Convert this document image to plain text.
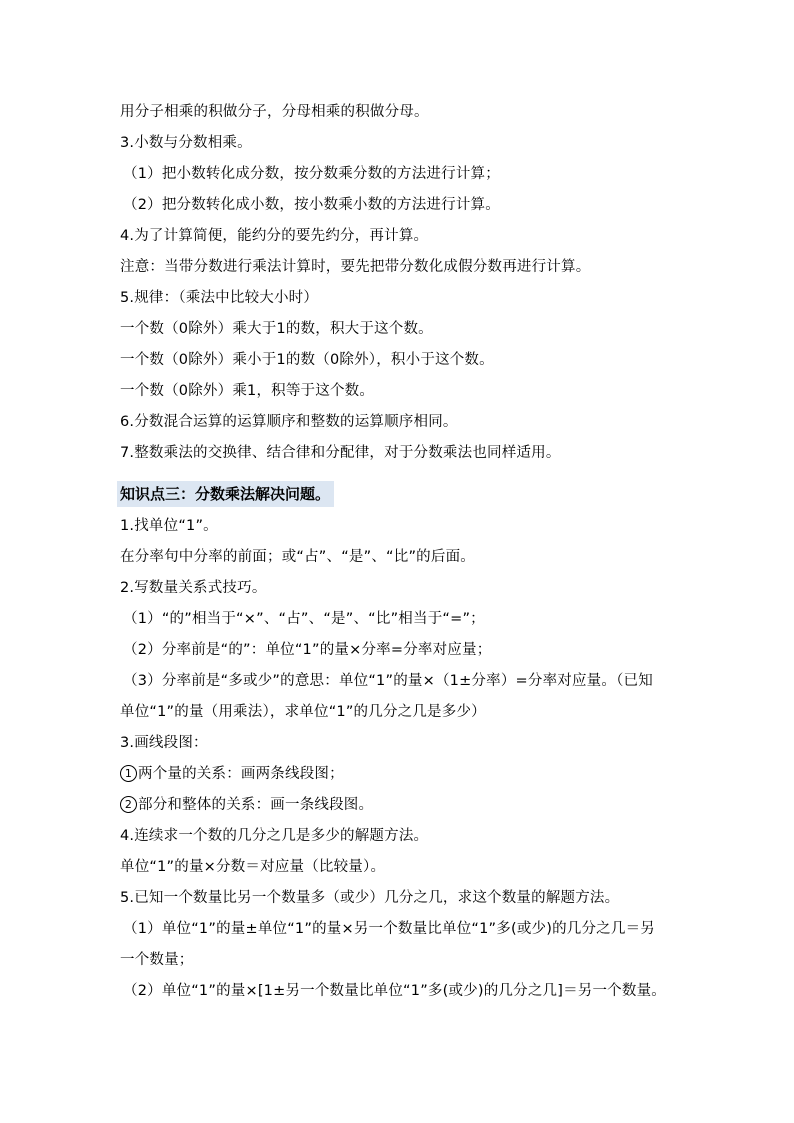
用分子相乘的积做分子，分母相乘的积做分母。
3.小数与分数相乘。
（1）把小数转化成分数，按分数乘分数的方法进行计算；
（2）把分数转化成小数，按小数乘小数的方法进行计算。
4.为了计算简便，能约分的要先约分，再计算。
注意：当带分数进行乘法计算时，要先把带分数化成假分数再进行计算。
5.规律：（乘法中比较大小时）
一个数（0除外）乘大于1的数，积大于这个数。
一个数（0除外）乘小于1的数（0除外），积小于这个数。
一个数（0除外）乘1，积等于这个数。
6.分数混合运算的运算顺序和整数的运算顺序相同。
7.整数乘法的交换律、结合律和分配律，对于分数乘法也同样适用。
知识点三：分数乘法解决问题。
1.找单位“1”。
在分率句中分率的前面；或“占”、“是”、“比”的后面。
2.写数量关系式技巧。
（1）“的”相当于“×”、“占”、“是”、“比”相当于“=”；
（2）分率前是“的”：单位“1”的量×分率=分率对应量；
（3）分率前是“多或少”的意思：单位“1”的量×（1±分率）=分率对应量。（已知
单位“1”的量（用乘法），求单位“1”的几分之几是多少）
3.画线段图：
1 两个量的关系：画两条线段图；
2 部分和整体的关系：画一条线段图。
4.连续求一个数的几分之几是多少的解题方法。
单位“1”的量×分数＝对应量（比较量）。
5.已知一个数量比另一个数量多（或少）几分之几，求这个数量的解题方法。
（1）单位“1”的量±单位“1”的量×另一个数量比单位“1”多(或少)的几分之几＝另
一个数量；
（2）单位“1”的量×[1±另一个数量比单位“1”多(或少)的几分之几]＝另一个数量。
